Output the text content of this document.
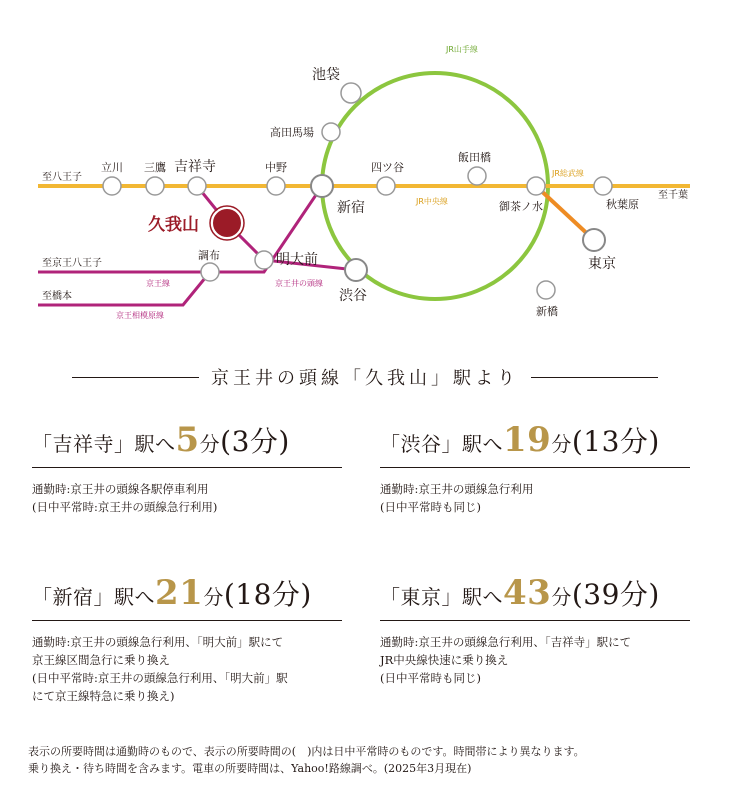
池袋
高田馬場
飯田橋
四ツ谷
立川 三鷹 吉祥寺	中野
新宿	御茶ノ水	秋葉原
久我山
調布	明大前
渋谷
東京
新橋
至八王子
至千葉
至京王八王子
至橋本
JR山手線
JR総武線
JR中央線
京王線	京王井の頭線
京王相模原線
京王井の頭線「久我山」駅より
「吉祥寺」駅へ5分(3分)
通勤時:京王井の頭線各駅停車利用
(日中平常時:京王井の頭線急行利用)
「渋谷」駅へ19分(13分)
通勤時:京王井の頭線急行利用
(日中平常時も同じ)
「新宿」駅へ21分(18分)
通勤時:京王井の頭線急行利用、「明大前」駅にて
京王線区間急行に乗り換え
(日中平常時:京王井の頭線急行利用、「明大前」駅
にて京王線特急に乗り換え)
「東京」駅へ43分(39分)
通勤時:京王井の頭線急行利用、「吉祥寺」駅にて
JR中央線快速に乗り換え
(日中平常時も同じ)
表示の所要時間は通勤時のもので、表示の所要時間の(　)内は日中平常時のものです。時間帯により異なります。
乗り換え・待ち時間を含みます。電車の所要時間は、Yahoo!路線調べ。(2025年3月現在)
